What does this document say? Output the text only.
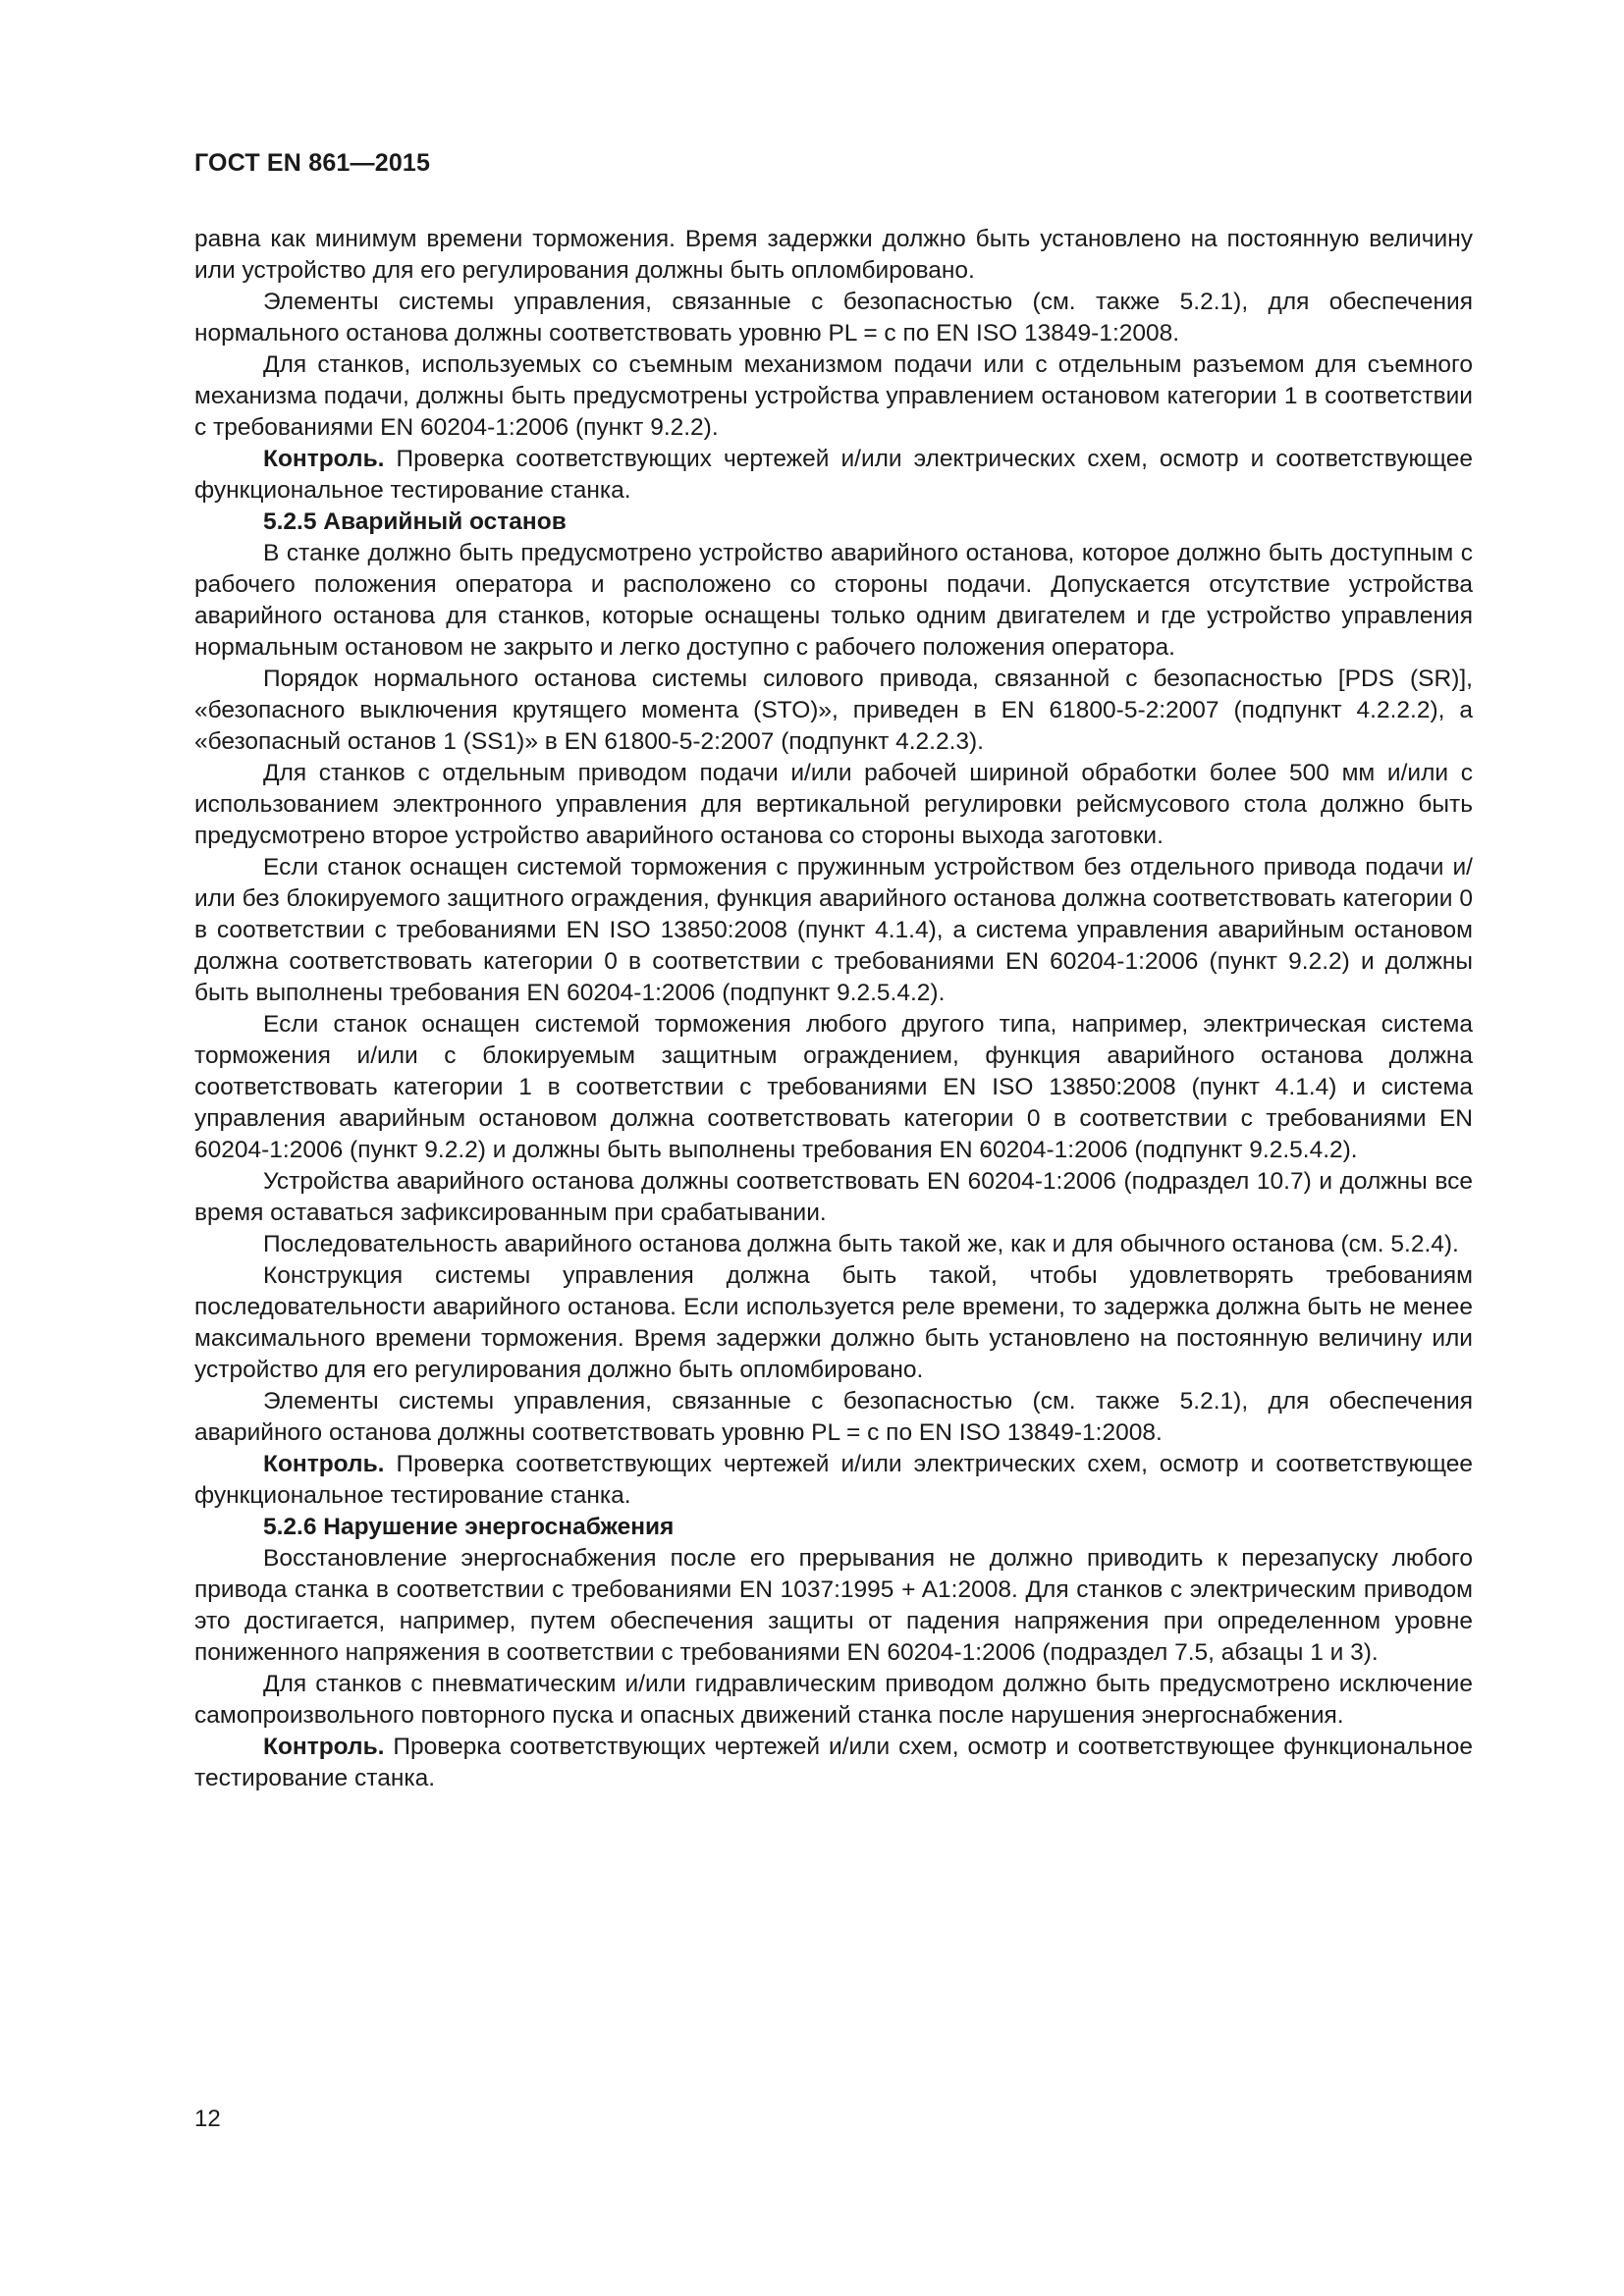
ГОСТ EN 861—2015

равна как минимум времени торможения. Время задержки должно быть установлено на постоянную величину или устройство для его регулирования должны быть опломбировано.

Элементы системы управления, связанные с безопасностью (см. также 5.2.1), для обеспечения нормального останова должны соответствовать уровню PL = c по EN ISO 13849-1:2008.

Для станков, используемых со съемным механизмом подачи или с отдельным разъемом для съемного механизма подачи, должны быть предусмотрены устройства управлением остановом категории 1 в соответствии с требованиями EN 60204-1:2006 (пункт 9.2.2).

Контроль. Проверка соответствующих чертежей и/или электрических схем, осмотр и соответствующее функциональное тестирование станка.

5.2.5 Аварийный останов

В станке должно быть предусмотрено устройство аварийного останова, которое должно быть доступным с рабочего положения оператора и расположено со стороны подачи. Допускается отсутствие устройства аварийного останова для станков, которые оснащены только одним двигателем и где устройство управления нормальным остановом не закрыто и легко доступно с рабочего положения оператора.

Порядок нормального останова системы силового привода, связанной с безопасностью [PDS (SR)], «безопасного выключения крутящего момента (STO)», приведен в EN 61800-5-2:2007 (подпункт 4.2.2.2), а «безопасный останов 1 (SS1)» в EN 61800-5-2:2007 (подпункт 4.2.2.3).

Для станков с отдельным приводом подачи и/или рабочей шириной обработки более 500 мм и/или с использованием электронного управления для вертикальной регулировки рейсмусового стола должно быть предусмотрено второе устройство аварийного останова со стороны выхода заготовки.

Если станок оснащен системой торможения с пружинным устройством без отдельного привода подачи и/или без блокируемого защитного ограждения, функция аварийного останова должна соответствовать категории 0 в соответствии с требованиями EN ISO 13850:2008 (пункт 4.1.4), а система управления аварийным остановом должна соответствовать категории 0 в соответствии с требованиями EN 60204-1:2006 (пункт 9.2.2) и должны быть выполнены требования EN 60204-1:2006 (подпункт 9.2.5.4.2).

Если станок оснащен системой торможения любого другого типа, например, электрическая система торможения и/или с блокируемым защитным ограждением, функция аварийного останова должна соответствовать категории 1 в соответствии с требованиями EN ISO 13850:2008 (пункт 4.1.4) и система управления аварийным остановом должна соответствовать категории 0 в соответствии с требованиями EN 60204-1:2006 (пункт 9.2.2) и должны быть выполнены требования EN 60204-1:2006 (подпункт 9.2.5.4.2).

Устройства аварийного останова должны соответствовать EN 60204-1:2006 (подраздел 10.7) и должны все время оставаться зафиксированным при срабатывании.

Последовательность аварийного останова должна быть такой же, как и для обычного останова (см. 5.2.4).

Конструкция системы управления должна быть такой, чтобы удовлетворять требованиям последовательности аварийного останова. Если используется реле времени, то задержка должна быть не менее максимального времени торможения. Время задержки должно быть установлено на постоянную величину или устройство для его регулирования должно быть опломбировано.

Элементы системы управления, связанные с безопасностью (см. также 5.2.1), для обеспечения аварийного останова должны соответствовать уровню PL = c по EN ISO 13849-1:2008.

Контроль. Проверка соответствующих чертежей и/или электрических схем, осмотр и соответствующее функциональное тестирование станка.

5.2.6 Нарушение энергоснабжения

Восстановление энергоснабжения после его прерывания не должно приводить к перезапуску любого привода станка в соответствии с требованиями EN 1037:1995 + A1:2008. Для станков с электрическим приводом это достигается, например, путем обеспечения защиты от падения напряжения при определенном уровне пониженного напряжения в соответствии с требованиями EN 60204-1:2006 (подраздел 7.5, абзацы 1 и 3).

Для станков с пневматическим и/или гидравлическим приводом должно быть предусмотрено исключение самопроизвольного повторного пуска и опасных движений станка после нарушения энергоснабжения.

Контроль. Проверка соответствующих чертежей и/или схем, осмотр и соответствующее функциональное тестирование станка.

12
